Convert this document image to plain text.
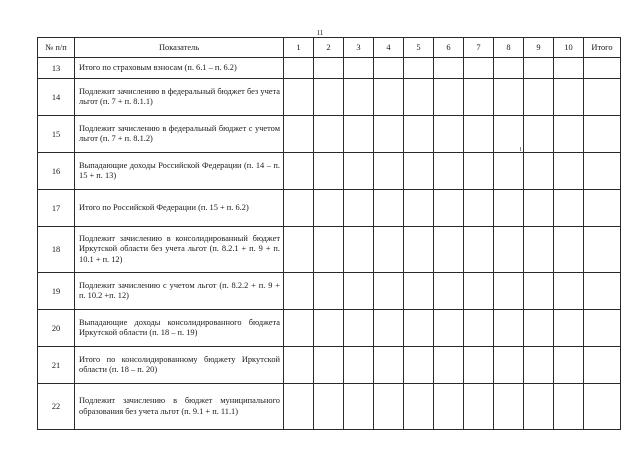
11
№ п/п	Показатель	1	2	3	4	5	6	7	8	9	10	Итого
13	Итого по страховым взносам (п. 6.1 – п. 6.2)											
14	Подлежит зачислению в федеральный бюджет без учета льгот (п. 7 + п. 8.1.1)											
15	Подлежит зачислению в федеральный бюджет с учетом льгот (п. 7 + п. 8.1.2)											
16	Выпадающие доходы Российской Федерации (п. 14 – п. 15 + п. 13)											
17	Итого по Российской Федерации (п. 15 + п. 6.2)											
18	Подлежит зачислению в консолидированный бюджет Иркутской области без учета льгот (п. 8.2.1 + п. 9 + п. 10.1 + п. 12)											
19	Подлежит зачислению с учетом льгот (п. 8.2.2 + п. 9 + п. 10.2 +п. 12)											
20	Выпадающие доходы консолидированного бюджета Иркутской области (п. 18 – п. 19)											
21	Итого по консолидированному бюджету Иркутской области (п. 18 – п. 20)											
22	Подлежит зачислению в бюджет муниципального образования без учета льгот (п. 9.1 + п. 11.1)											
